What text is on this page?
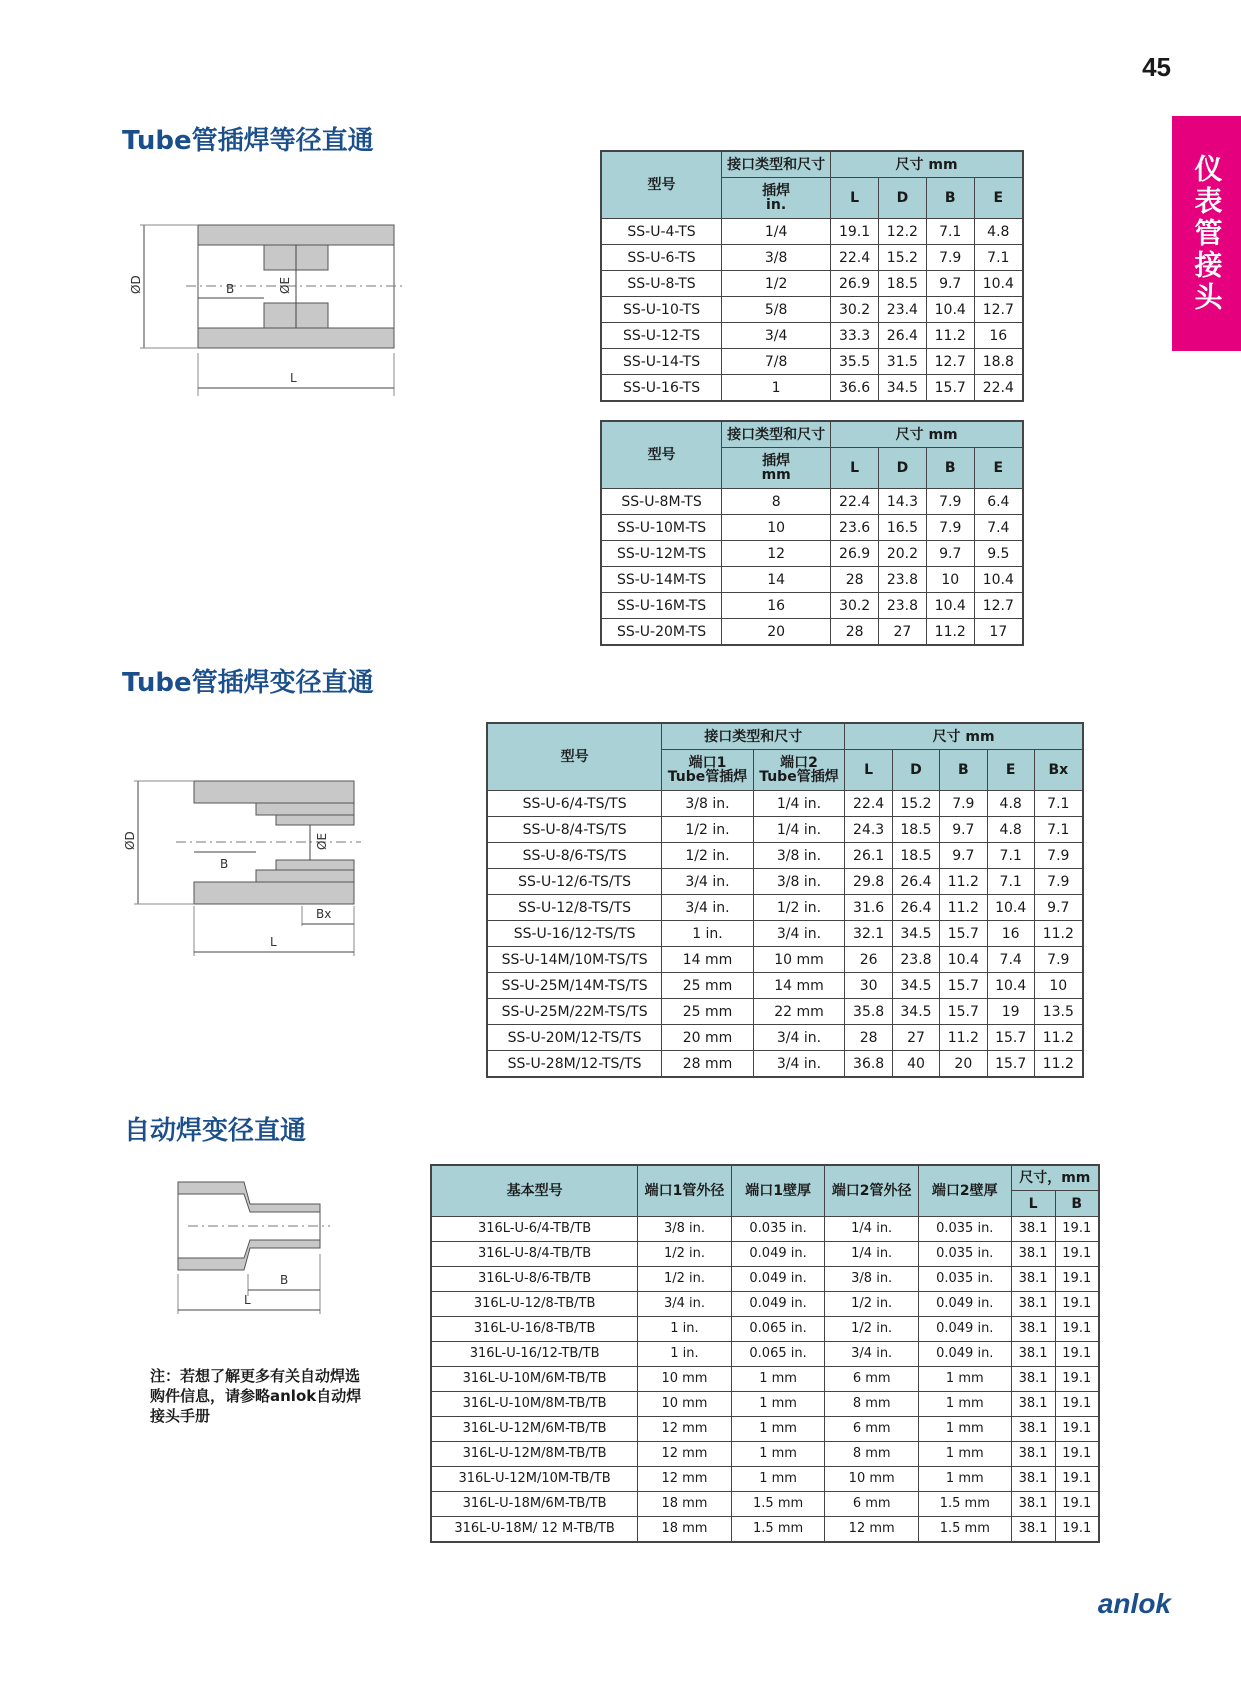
45
仪表管接头
Tube管插焊等径直通
ØD	ØE
B
L
型号	接口类型和尺寸	尺寸 mm			
	插焊
in.	L	D	B	E
SS-U-4-TS	1/4	19.1	12.2	7.1	4.8
SS-U-6-TS	3/8	22.4	15.2	7.9	7.1
SS-U-8-TS	1/2	26.9	18.5	9.7	10.4
SS-U-10-TS	5/8	30.2	23.4	10.4	12.7
SS-U-12-TS	3/4	33.3	26.4	11.2	16
SS-U-14-TS	7/8	35.5	31.5	12.7	18.8
SS-U-16-TS	1	36.6	34.5	15.7	22.4
型号	接口类型和尺寸	尺寸 mm			
	插焊
mm	L	D	B	E
SS-U-8M-TS	8	22.4	14.3	7.9	6.4
SS-U-10M-TS	10	23.6	16.5	7.9	7.4
SS-U-12M-TS	12	26.9	20.2	9.7	9.5
SS-U-14M-TS	14	28	23.8	10	10.4
SS-U-16M-TS	16	30.2	23.8	10.4	12.7
SS-U-20M-TS	20	28	27	11.2	17
Tube管插焊变径直通
ØD	ØE
B
Bx
L
型号	接口类型和尺寸		尺寸 mm				
	端口1
Tube管插焊	端口2
Tube管插焊	L	D	B	E	Bx
SS-U-6/4-TS/TS	3/8 in.	1/4 in.	22.4	15.2	7.9	4.8	7.1
SS-U-8/4-TS/TS	1/2 in.	1/4 in.	24.3	18.5	9.7	4.8	7.1
SS-U-8/6-TS/TS	1/2 in.	3/8 in.	26.1	18.5	9.7	7.1	7.9
SS-U-12/6-TS/TS	3/4 in.	3/8 in.	29.8	26.4	11.2	7.1	7.9
SS-U-12/8-TS/TS	3/4 in.	1/2 in.	31.6	26.4	11.2	10.4	9.7
SS-U-16/12-TS/TS	1 in.	3/4 in.	32.1	34.5	15.7	16	11.2
SS-U-14M/10M-TS/TS	14 mm	10 mm	26	23.8	10.4	7.4	7.9
SS-U-25M/14M-TS/TS	25 mm	14 mm	30	34.5	15.7	10.4	10
SS-U-25M/22M-TS/TS	25 mm	22 mm	35.8	34.5	15.7	19	13.5
SS-U-20M/12-TS/TS	20 mm	3/4 in.	28	27	11.2	15.7	11.2
SS-U-28M/12-TS/TS	28 mm	3/4 in.	36.8	40	20	15.7	11.2
自动焊变径直通
B
L
注：若想了解更多有关自动焊选
购件信息，请参略anlok自动焊
接头手册
基本型号	端口1管外径	端口1壁厚	端口2管外径	端口2壁厚	尺寸，mm	
					L	B
316L-U-6/4-TB/TB	3/8 in.	0.035 in.	1/4 in.	0.035 in.	38.1	19.1
316L-U-8/4-TB/TB	1/2 in.	0.049 in.	1/4 in.	0.035 in.	38.1	19.1
316L-U-8/6-TB/TB	1/2 in.	0.049 in.	3/8 in.	0.035 in.	38.1	19.1
316L-U-12/8-TB/TB	3/4 in.	0.049 in.	1/2 in.	0.049 in.	38.1	19.1
316L-U-16/8-TB/TB	1 in.	0.065 in.	1/2 in.	0.049 in.	38.1	19.1
316L-U-16/12-TB/TB	1 in.	0.065 in.	3/4 in.	0.049 in.	38.1	19.1
316L-U-10M/6M-TB/TB	10 mm	1 mm	6 mm	1 mm	38.1	19.1
316L-U-10M/8M-TB/TB	10 mm	1 mm	8 mm	1 mm	38.1	19.1
316L-U-12M/6M-TB/TB	12 mm	1 mm	6 mm	1 mm	38.1	19.1
316L-U-12M/8M-TB/TB	12 mm	1 mm	8 mm	1 mm	38.1	19.1
316L-U-12M/10M-TB/TB	12 mm	1 mm	10 mm	1 mm	38.1	19.1
316L-U-18M/6M-TB/TB	18 mm	1.5 mm	6 mm	1.5 mm	38.1	19.1
316L-U-18M/ 12 M-TB/TB	18 mm	1.5 mm	12 mm	1.5 mm	38.1	19.1
anlok
